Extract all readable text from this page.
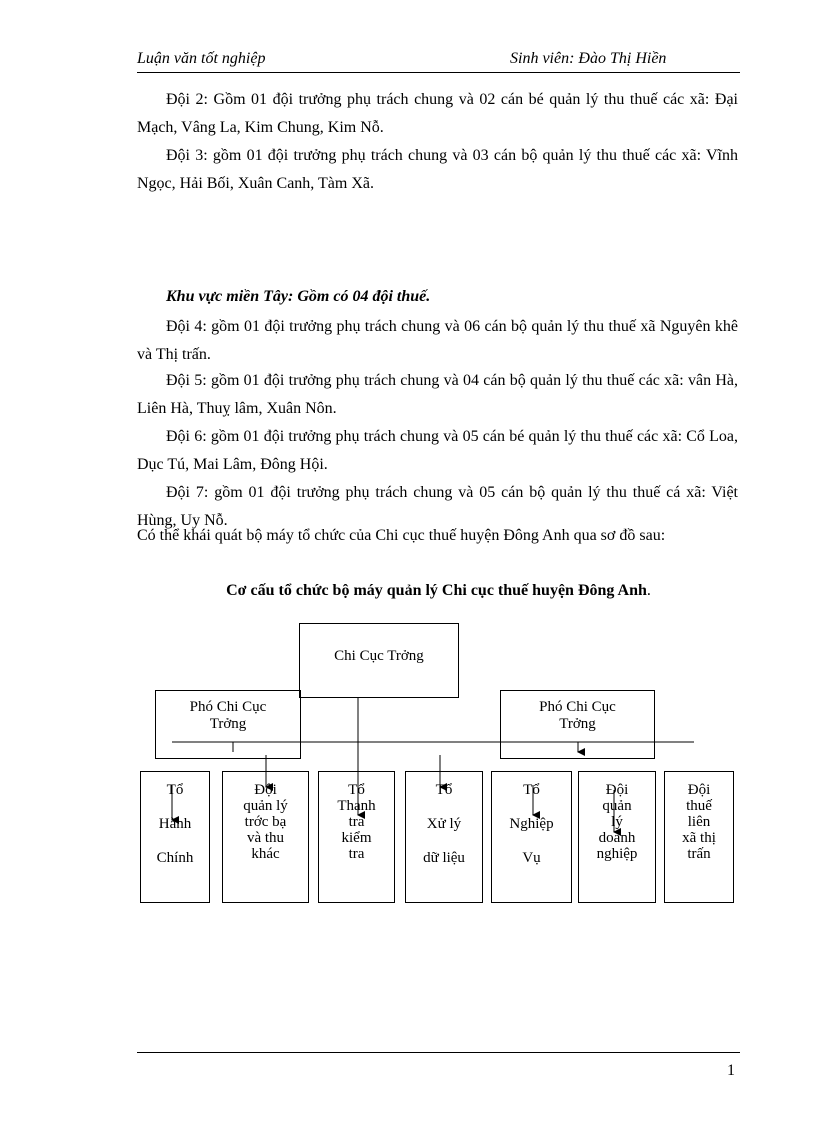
Luận văn tốt nghiệp	Sinh viên: Đào Thị Hiền

Đội 2: Gồm 01 đội trưởng phụ trách chung và 02 cán bé quản lý thu thuế các xã: Đại Mạch, Vâng La, Kim Chung, Kim Nỗ.

Đội 3: gồm 01 đội trưởng phụ trách chung và 03 cán bộ quản lý thu thuế các xã: Vĩnh Ngọc, Hải Bối, Xuân Canh, Tàm Xã.

Khu vực miền Tây: Gồm có 04 đội thuế.

Đội 4: gồm 01 đội trưởng phụ trách chung và 06 cán bộ quản lý thu thuế xã Nguyên khê và Thị trấn.

Đội 5: gồm 01 đội trưởng phụ trách chung và 04 cán bộ quản lý thu thuế các xã: vân Hà, Liên Hà, Thuỵ lâm, Xuân Nôn.

Đội 6: gồm 01 đội trưởng phụ trách chung và 05 cán bé quản lý thu thuế các xã: Cổ Loa, Dục Tú, Mai Lâm, Đông Hội.

Đội 7: gồm 01 đội trưởng phụ trách chung và 05 cán bộ quản lý thu thuế cá xã: Việt Hùng, Uy Nỗ.

Có thể khái quát bộ máy tổ chức của Chi cục thuế huyện Đông Anh qua sơ đồ sau:

Cơ cấu tổ chức bộ máy quản lý Chi cục thuế huyện Đông Anh.
Chi Cục Trởng
Phó Chi Cục
Trởng
Phó Chi Cục
Trởng
Tổ
Hành
Chính
Đội
quản lý
trớc bạ
và thu
khác
Tổ
Thanh
tra
kiểm
tra
Tổ
Xử lý
dữ liệu
Tổ
Nghiệp
Vụ
Đội
quản
lý
doanh
nghiệp
Đội
thuế
liên
xã thị
trấn
1
